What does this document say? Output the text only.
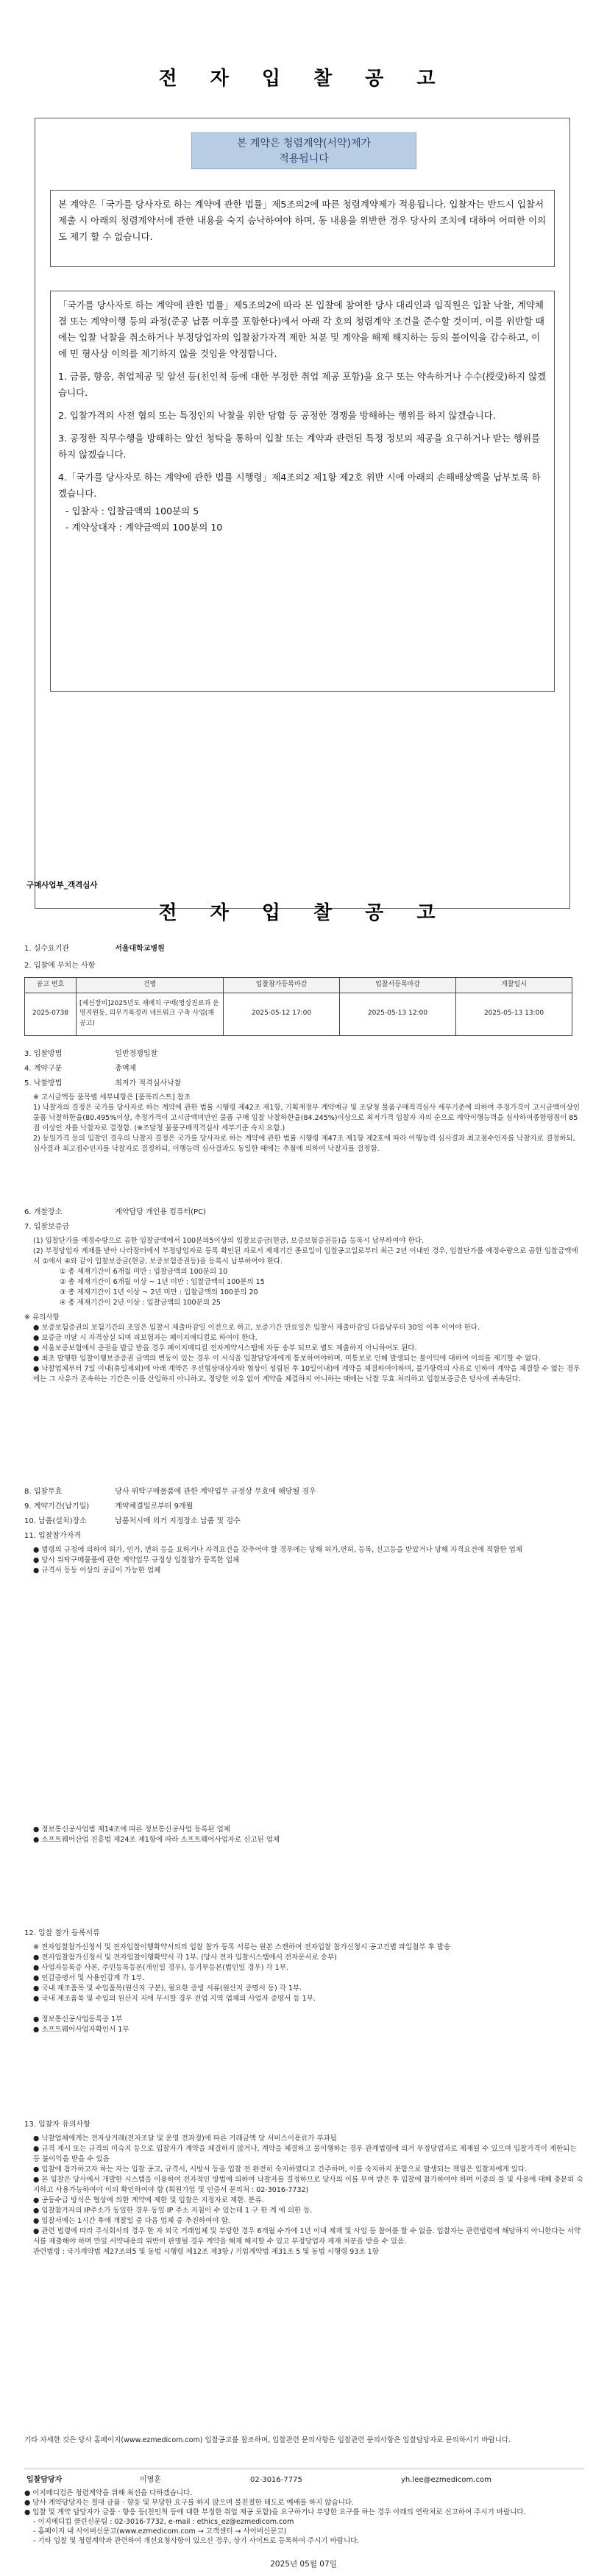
전 자 입 찰 공 고
본 계약은 청렴계약(서약)제가
적용됩니다

본 계약은「국가를 당사자로 하는 계약에 관한 법률」제5조의2에 따른 청렴계약제가 적용됩니다. 입찰자는 반드시 입찰서 제출 시 아래의 청렴계약서에 관한 내용을 숙지 승낙하여야 하며, 동 내용을 위반한 경우 당사의 조치에 대하여 어떠한 이의도 제기 할 수 없습니다.

「국가를 당사자로 하는 계약에 관한 법률」제5조의2에 따라 본 입찰에 참여한 당사 대리인과 임직원은 입찰 낙찰, 계약체결 또는 계약이행 등의 과정(준공 납품 이후를 포함한다)에서 아래 각 호의 청렴계약 조건을 준수할 것이며, 이를 위반할 때에는 입찰 낙찰을 취소하거나 부정당업자의 입찰참가자격 제한 처분 및 계약을 해제 해지하는 등의 불이익을 감수하고, 이에 민 형사상 이의를 제기하지 않을 것임을 약정합니다.

1. 금품, 향응, 취업제공 및 알선 등(친인척 등에 대한 부정한 취업 제공 포함)을 요구 또는 약속하거나 수수(授受)하지 않겠습니다.

2. 입찰가격의 사전 협의 또는 특정인의 낙찰을 위한 담합 등 공정한 경쟁을 방해하는 행위를 하지 않겠습니다.

3. 공정한 직무수행을 방해하는 알선 청탁을 통하여 입찰 또는 계약과 관련된 특정 정보의 제공을 요구하거나 받는 행위를 하지 않겠습니다.

4.「국가를 당사자로 하는 계약에 관한 법률 시행령」제4조의2 제1항 제2호 위반 시에 아래의 손해배상액을 납부토록 하겠습니다.

- 입찰자 : 입찰금액의 100분의 5

- 계약상대자 : 계약금액의 100분의 10

구매사업부_객격심사
전 자 입 찰 공 고
1. 실수요기관	서울대학교병원
2. 입찰에 부치는 사항
공고 번호	건명	입찰참가등록마감	입찰서등록마감	개찰일시
2025-0738	[제신장비]2025년도 재배치 구매(영상진료과 운영지원동, 의무기록정리 네트워크 구축 사업(재공고)	2025-05-12 17:00	2025-05-13 12:00	2025-05-13 13:00
3. 입찰방법	일반경쟁입찰
4. 계약구분	총액제
5. 낙찰방법	최저가 적격심사낙찰
※ 고시금액등 품목별 세부내항은 [품목리스트] 참조
1) 낙찰자의 결정은 국가를 당사자로 하는 계약에 관한 법률 시행령 제42조 제1항, 기획재정부 계약예규 및 조달청 물품구매적격심사 세부기준에 의하여 추정가격이 고시금액이상인 물품 낙찰하한율(80.495%이상, 추정가격이 고시금액미만인 물품 구매 입찰 낙찰하한율(84.245%)이상으로 최저가격 입찰자 자의 순으로 계약이행능력을 심사하여종합평점이 85점 이상인 자를 낙찰자로 결정함. (※조달청 물품구매적격심사 세부기준 숙지 요함.)
2) 동일가격 등의 입찰인 경우의 낙찰자 결정은 국가를 당사자로 하는 계약에 관한 법률 시행령 제47조 제1항 제2호에 따라 이행능력 심사결과 최고점수인자를 낙찰자로 결정하되, 심사결과 최고점수인자를 낙찰자로 결정하되, 이행능력 심사결과도 동일한 때에는 추첨에 의하여 낙찰자를 결정함.
6. 개찰장소	계약담당 개인용 컴퓨터(PC)
7. 입찰보증금
(1) 입찰단가를 예정수량으로 곱한 입찰금액에서 100분의5이상의 입찰보증금(현금, 보증보험증권등)을 등록시 납부하여야 한다.
(2) 부정당업자 계재를 받아 나라장터에서 부정당업자로 등록 확인된 자로서 제재기간 종료일이 입찰공고일로부터 최근 2년 이내인 경우, 입찰단가를 예정수량으로 곱한 입찰금액에서 ①에서 ④와 같이 입찰보증금(현금, 보증보험증권등)을 등록시 납부하여야 한다.
① 총 제재기간이 6개월 미만 : 입찰금액의 100분의 10
② 총 제재기간이 6개월 이상 ~ 1년 미만 : 입찰금액의 100분의 15
③ 총 제재기간이 1년 이상 ~ 2년 미만 : 입찰금액의 100분의 20
④ 총 제재기간이 2년 이상 : 입찰금액의 100분의 25
※ 유의사항
● 보증보험증권의 보험기간의 초일은 입찰서 제출마감일 이전으로 하고, 보증기간 만료일은 입찰서 제출마감일 다음날부터 30일 이후 이어야 한다.
● 보증금 미달 시 자격상실 되며 피보험자는 폐이지에디컬로 하여야 한다.
● 서울보증보험에서 증권을 발급 받을 경우 폐이지메디컬 전자계약시스템에 자동 송부 되므로 별도 제출하지 아니하여도 된다.
● 최초 발행한 입찰이행보증증권 금액의 변동이 있는 경우 이 서식을 입찰담당자에게 통보하여야하며, 미통보로 인해 발생되는 불이익에 대하여 이의를 제기할 수 없다.
● 낙찰업체부터 7일 이내(휴일제외)에 아래 계약은 우선협상대상자와 협상이 성립된 후 10일이내)에 계약을 체결하여야하며, 불가항력의 사유로 인하여 계약을 체결할 수 없는 경우에는 그 사유가 존속하는 기간은 이를 산입하지 아니하고, 정당한 이유 없이 계약을 체결하지 아니하는 때에는 낙찰 무효 처리하고 입찰보증금은 당사에 귀속된다.
8. 입찰무효	당사 위탁구매물품에 관한 계약업무 규정상 무효에 해당될 경우
9. 계약기간(납기일)	계약체결일로부터 9개월
10. 납품(설치)장소	납품처시에 의거 지정장소 납품 및 검수
11. 입찰참가자격
● 법령의 규정에 의하여 허가, 인가, 면허 등을 요하거나 자격요건을 갖추어야 할 경우에는 당해 허가,면허, 등록, 신고등을 받았거나 당해 자격요건에 적합한 업체
● 당사 위탁구매물품에 관한 계약업무 규정상 입찰참가 등록한 업체
● 규격서 등동 이상의 공급이 가능한 업체
● 정보통신공사업법 제14조에 따른 정보통신공사업 등록된 업체
● 소프트웨어산업 진흥법 제24조 제1항에 따라 소프트웨어사업자로 신고된 업체
12. 입찰 참가 등록서류
※ 전자입찰참가신청서 및 전자입찰이행확약서의의 입찰 참가 등록 서류는 원본 스캔하여 전자입찰 참가신청시 공고건별 파일첨부 후 발송
● 전자입찰참가신청서 및 전자입찰이행확약서 각 1부. (당사 전자 입찰시스템에서 전자문서로 송부)
● 사업자등록증 사본, 주민등록등본(개인일 경우), 등기부등본(법인일 경우) 각 1부.
● 인감증명서 및 사용인감계 각 1부.
● 국내 제조품목 및 수입품목(원산지 구분), 필요한 증빙 서류(원산지 증명서 등) 각 1부.
● 국내 제조품목 및 수입의 원산지 지에 무시할 경우 전업 지역 업체의 사업자 증명서 등 1부.
● 정보통신공사업등록증 1부
● 소프트웨어사업자확인서 1부
13. 입찰자 유의사항
● 낙찰업체에게는 전자상거래(전자조달 및 운영 전과정)에 따른 거래금액 당 서비스이용료가 부과됨
● 규격 제시 또는 규격의 미숙지 등으로 입찰자가 계약을 체결하지 않거나, 계약을 체결하고 불이행하는 경우 관계법령에 의거 부정당업자로 제재될 수 있으며 입찰가격이 제한되는 등 불이익을 받을 수 있음
● 입찰에 참가하고자 하는 자는 입찰 공고, 규격서, 시방서 등을 입찰 전 완전히 숙지하였다고 간주하며, 이를 숙지하지 못함으로 발생되는 책임은 입찰자에게 있다.
● 본 입찰은 당사에서 개발한 시스템을 이용하여 전자적인 방법에 의하여 낙찰자를 결정하므로 당사의 이를 부여 받은 후 입찰에 참가하여야 하며 이중의 불 및 사용에 대해 충분히 숙지하고 사용가능하여야 이의 확인하여야 함 (회원가입 및 인증서 문의처 : 02-3016-7732)
● 공동수급 방식은 협상에 의한 계약에 제한 및 입찰은 지정자로 제한. 분류.
● 입찰참가자의 IP주소가 동일한 경우 동일 IP 주소 지침이 수 있는데 1 구 한 계 에 의한 등.
● 입찰서에는 1시간 후에 개찰일 중 다음 업체 중 추진하여야 함.
● 관련 법령에 따라 주식회사의 경우 한 자 외국 거래업체 및 부당한 경우 6개월 수가에 1년 이내 제재 및 사업 등 참여를 할 수 없음. 입찰자는 관련법령에 해당하지 아니한다는 서약서를 제출해야 하며 만일 서약내용의 위반이 판명될 경우 계약을 해제 해지할 수 있고 부정당업자 제재 처분을 받을 수 있음.
관련법령 : 국가계약법 제27조의5 및 동법 시행령 제12조 제3항 / 기업계약법 제31조 5 및 동법 시행령 93조 1항
기타 자세한 것은 당사 홈페이지(www.ezmedicom.com) 입찰공고를 참조하며, 입찰관련 문의사항은 입찰관련 문의사항은 입찰담당자로 문의하시기 바랍니다.
입찰담당자	이영훈	02-3016-7775	yh.lee@ezmedicom.com
● 이지메디컴은 청렴계약을 위해 최선을 다하겠습니다.
● 당사 계약담당자는 절대 금품 · 향응 및 부당한 요구를 하지 않으며 불친절한 태도로 예배를 하지 않습니다.
● 입찰 및 계약 담당자가 금품 · 향응 등(친인척 등에 대한 부정한 취업 제공 포함)을 요구하거나 부당한 요구를 하는 경우 아래의 연락처로 신고하여 주시기 바랍니다.
- 이지메디컴 클린신문팀 : 02-3016-7732, e-mail : ethics_ez@ezmedicom.com
- 홈페이지 내 사이버신문고(www.ezmedicom.com → 고객센터 → 사이버신문고)
- 기타 입찰 및 청렴계약과 관련하여 개선요청사항이 있으신 경우, 상기 사이트로 등록하여 주시기 바랍니다.
2025년 05월 07일
